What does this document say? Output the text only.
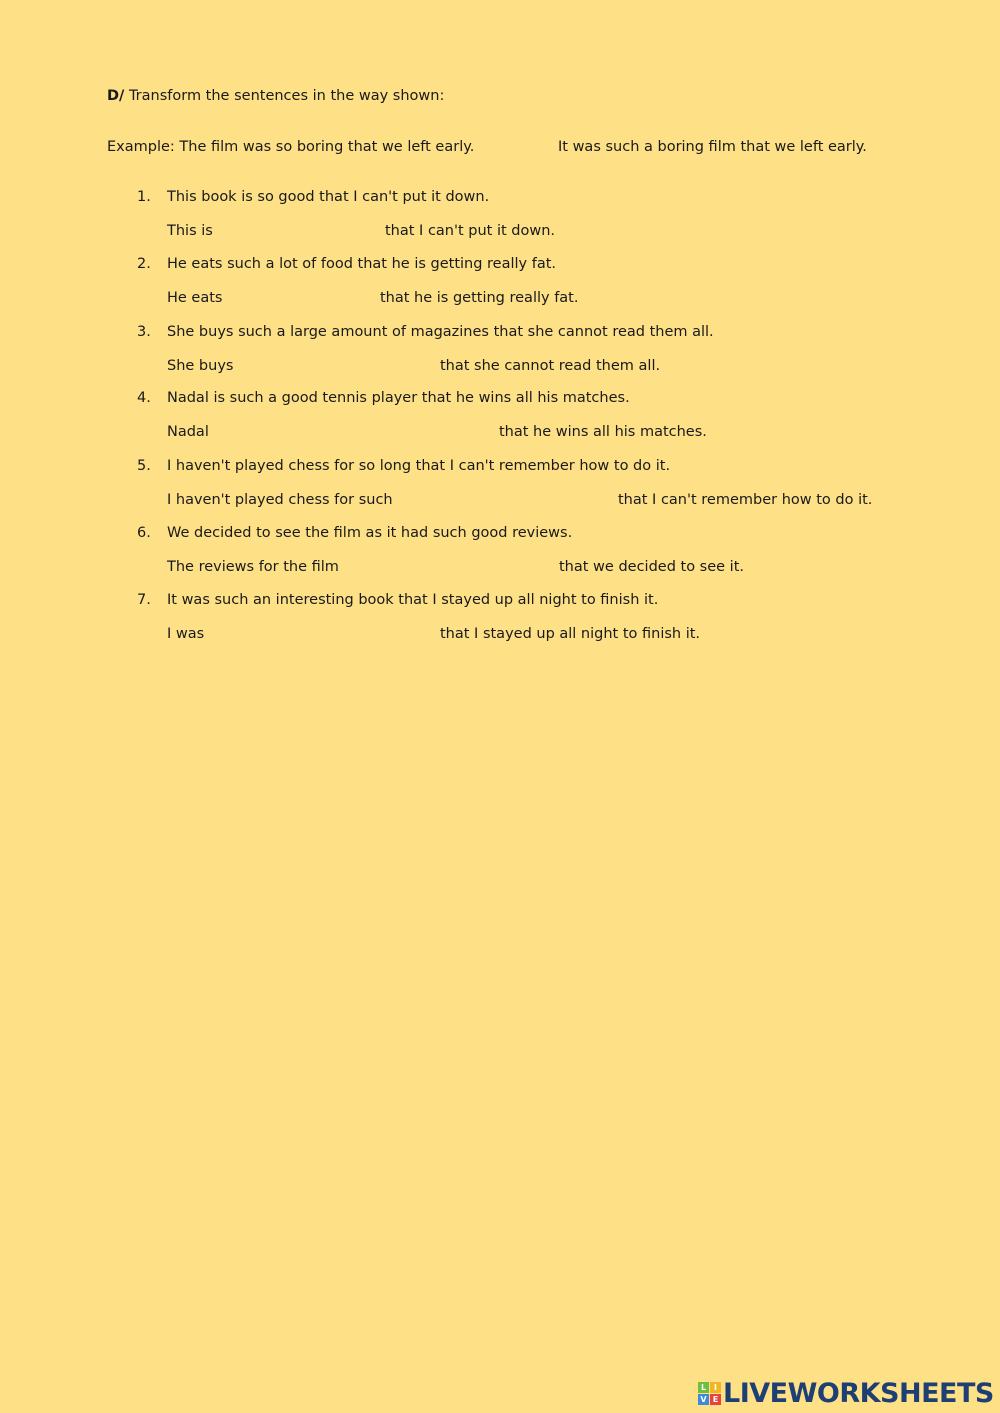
D/ Transform the sentences in the way shown:
Example: The film was so boring that we left early.	It was such a boring film that we left early.
1. This book is so good that I can't put it down.
This is	that I can't put it down.
2. He eats such a lot of food that he is getting really fat.
He eats	that he is getting really fat.
3. She buys such a large amount of magazines that she cannot read them all.
She buys	that she cannot read them all.
4. Nadal is such a good tennis player that he wins all his matches.
Nadal	that he wins all his matches.
5. I haven't played chess for so long that I can't remember how to do it.
I haven't played chess for such	that I can't remember how to do it.
6. We decided to see the film as it had such good reviews.
The reviews for the film	that we decided to see it.
7. It was such an interesting book that I stayed up all night to finish it.
I was	that I stayed up all night to finish it.
L I
V E LIVEWORKSHEETS
